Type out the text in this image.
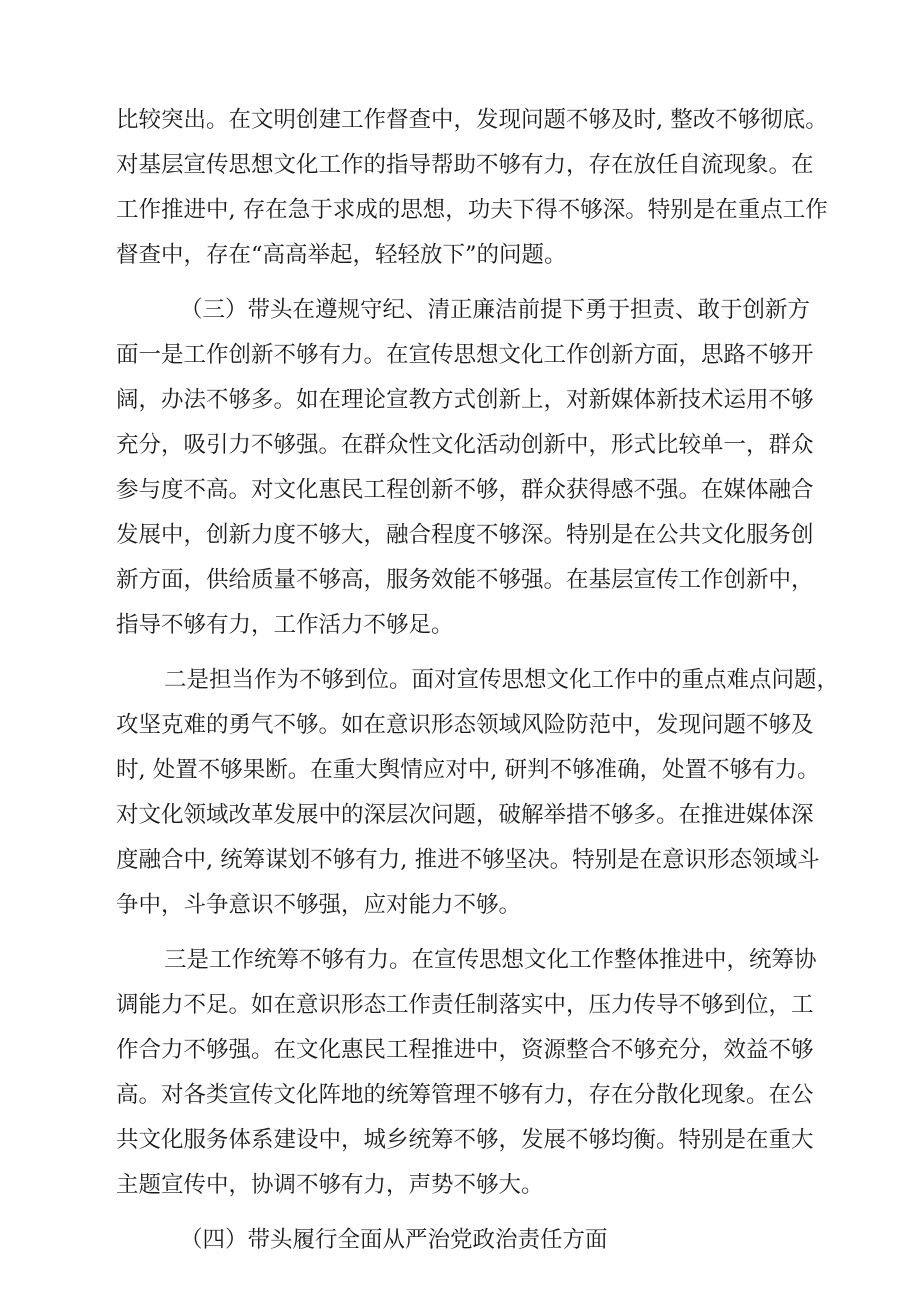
比较突出。在文明创建工作督查中，发现问题不够及时, 整改不够彻底。
对基层宣传思想文化工作的指导帮助不够有力，存在放任自流现象。在
工作推进中, 存在急于求成的思想，功夫下得不够深。特别是在重点工作
督查中，存在“高高举起，轻轻放下”的问题。
（三）带头在遵规守纪、清正廉洁前提下勇于担责、敢于创新方
面一是工作创新不够有力。在宣传思想文化工作创新方面，思路不够开
阔，办法不够多。如在理论宣教方式创新上，对新媒体新技术运用不够
充分，吸引力不够强。在群众性文化活动创新中，形式比较单一，群众
参与度不高。对文化惠民工程创新不够，群众获得感不强。在媒体融合
发展中，创新力度不够大，融合程度不够深。特别是在公共文化服务创
新方面，供给质量不够高，服务效能不够强。在基层宣传工作创新中，
指导不够有力，工作活力不够足。
二是担当作为不够到位。面对宣传思想文化工作中的重点难点问题，
攻坚克难的勇气不够。如在意识形态领域风险防范中，发现问题不够及
时, 处置不够果断。在重大舆情应对中, 研判不够准确，处置不够有力。
对文化领域改革发展中的深层次问题，破解举措不够多。在推进媒体深
度融合中, 统筹谋划不够有力, 推进不够坚决。特别是在意识形态领域斗
争中，斗争意识不够强，应对能力不够。
三是工作统筹不够有力。在宣传思想文化工作整体推进中，统筹协
调能力不足。如在意识形态工作责任制落实中，压力传导不够到位，工
作合力不够强。在文化惠民工程推进中，资源整合不够充分，效益不够
高。对各类宣传文化阵地的统筹管理不够有力，存在分散化现象。在公
共文化服务体系建设中，城乡统筹不够，发展不够均衡。特别是在重大
主题宣传中，协调不够有力，声势不够大。
（四）带头履行全面从严治党政治责任方面
